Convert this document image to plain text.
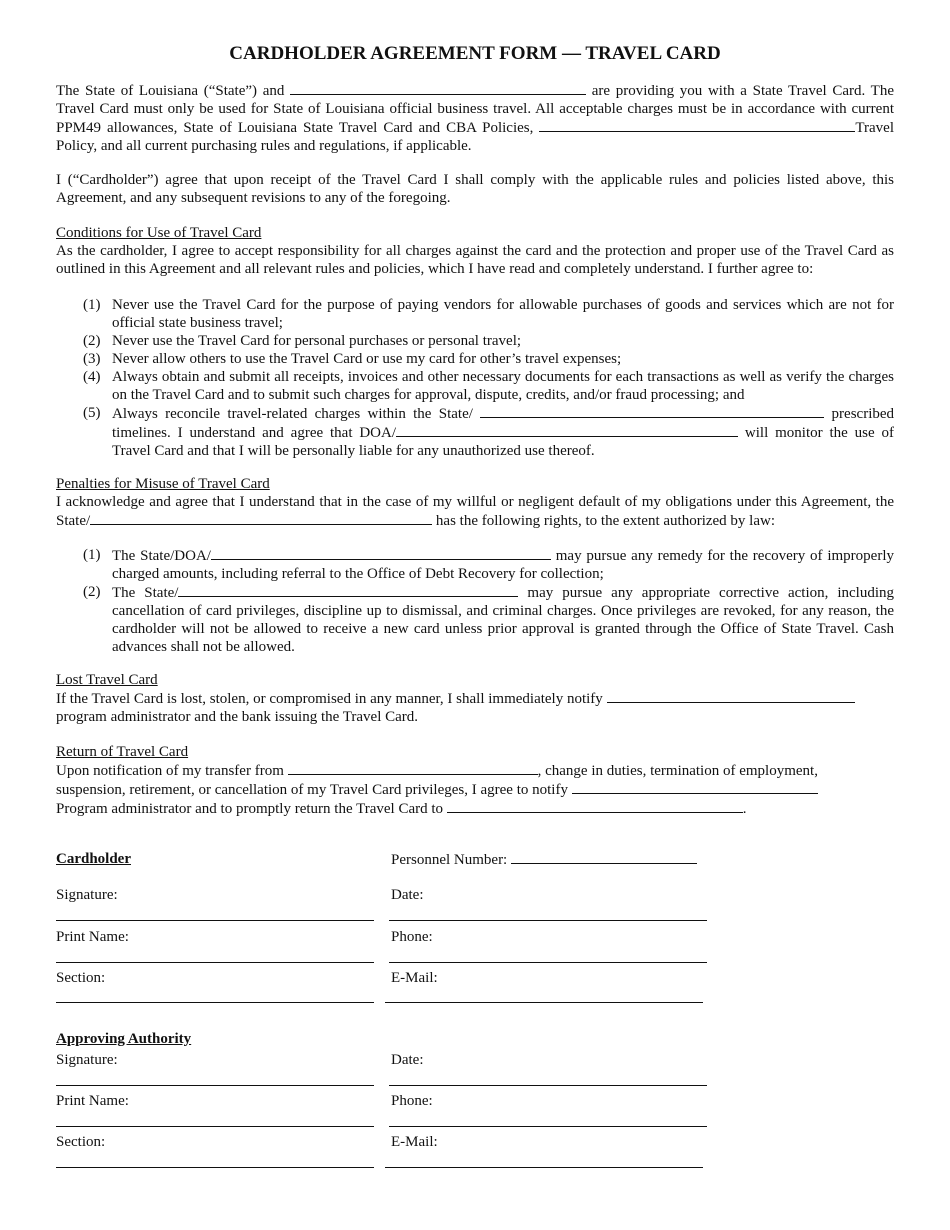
CARDHOLDER AGREEMENT FORM — TRAVEL CARD
The State of Louisiana (“State”) and	are providing you with a State Travel Card. The Travel Card must only be used for State of Louisiana official business travel. All acceptable charges must be in accordance with current PPM49 allowances, State of Louisiana State Travel Card and CBA Policies,	Travel Policy, and all current purchasing rules and regulations, if applicable.
I (“Cardholder”) agree that upon receipt of the Travel Card I shall comply with the applicable rules and policies listed above, this Agreement, and any subsequent revisions to any of the foregoing.
Conditions for Use of Travel Card
As the cardholder, I agree to accept responsibility for all charges against the card and the protection and proper use of the Travel Card as outlined in this Agreement and all relevant rules and policies, which I have read and completely understand. I further agree to:
(1) Never use the Travel Card for the purpose of paying vendors for allowable purchases of goods and services which are not for official state business travel;
(2) Never use the Travel Card for personal purchases or personal travel;
(3) Never allow others to use the Travel Card or use my card for other’s travel expenses;
(4) Always obtain and submit all receipts, invoices and other necessary documents for each transactions as well as verify the charges on the Travel Card and to submit such charges for approval, dispute, credits, and/or fraud processing; and
(5) Always reconcile travel-related charges within the State/	prescribed timelines. I understand and agree that DOA/	will monitor the use of Travel Card and that I will be personally liable for any unauthorized use thereof.
Penalties for Misuse of Travel Card
I acknowledge and agree that I understand that in the case of my willful or negligent default of my obligations under this Agreement, the State/	has the following rights, to the extent authorized by law:
(1) The State/DOA/	may pursue any remedy for the recovery of improperly charged amounts, including referral to the Office of Debt Recovery for collection;
(2) The State/	may pursue any appropriate corrective action, including cancellation of card privileges, discipline up to dismissal, and criminal charges. Once privileges are revoked, for any reason, the cardholder will not be allowed to receive a new card unless prior approval is granted through the Office of State Travel. Cash advances shall not be allowed.
Lost Travel Card
If the Travel Card is lost, stolen, or compromised in any manner, I shall immediately notify
program administrator and the bank issuing the Travel Card.
Return of Travel Card
Upon notification of my transfer from	, change in duties, termination of employment,
suspension, retirement, or cancellation of my Travel Card privileges, I agree to notify
Program administrator and to promptly return the Travel Card to	.
Cardholder	Personnel Number:
Signature:	Date:
Print Name:	Phone:
Section:	E-Mail:
Approving Authority
Signature:	Date:
Print Name:	Phone:
Section:	E-Mail:
